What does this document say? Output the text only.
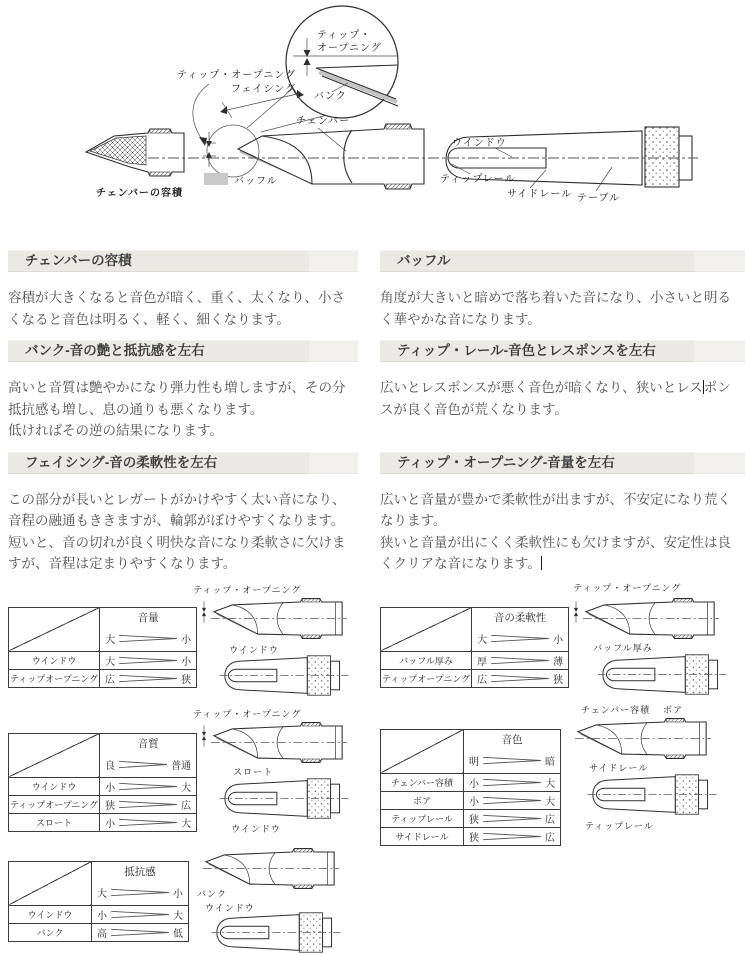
チェンバーの容積
ティップ・
オープニング
バンク
ティップ・オープニング
フェイシング
チェンバー
バッフル
ウインドウ
ティップレール
サイドレール テーブル
チェンバーの容積

容積が大きくなると音色が暗く、重く、太くなり、小さくなると音色は明るく、軽く、細くなります。

バッフル

角度が大きいと暗めで落ち着いた音になり、小さいと明るく華やかな音になります。

バンク-音の艶と抵抗感を左右

高いと音質は艶やかになり弾力性も増しますが、その分抵抗感も増し、息の通りも悪くなります。
低ければその逆の結果になります。

ティップ・レール-音色とレスポンスを左右

広いとレスポンスが悪く音色が暗くなり、狭いとレスポンスが良く音色が荒くなります。

フェイシング-音の柔軟性を左右

この部分が長いとレガートがかけやすく太い音になり、音程の融通もききますが、輪郭がぼけやすくなります。
短いと、音の切れが良く明快な音になり柔軟さに欠けますが、音程は定まりやすくなります。

ティップ・オープニング-音量を左右

広いと音量が豊かで柔軟性が出ますが、不安定になり荒くなります。
狭いと音量が出にくく柔軟性にも欠けますが、安定性は良くクリアな音になります。

	音量

	大 小

ウインドウ	大 小

ティップオープニング	広 狭
ティップ・オープニング
ウインドウ
	音質

	良 普通

ウインドウ	小 大

ティップオープニング	狭 広

スロート	小 大
ティップ・オープニング
スロート
ウインドウ
	抵抗感

	大 小

ウインドウ	小 大

バンク	高 低
バンク
ウインドウ
	音の柔軟性

	大 小

バッフル厚み	厚 薄

ティップオープニング	広 狭
ティップ・オープニング
バッフル厚み
	音色

	明 暗

チェンバー容積	小 大

ボア	小 大

ティップレール	狭 広

サイドレール	狭 広
チェンバー容積 ボア
サイドレール
ティップレール
